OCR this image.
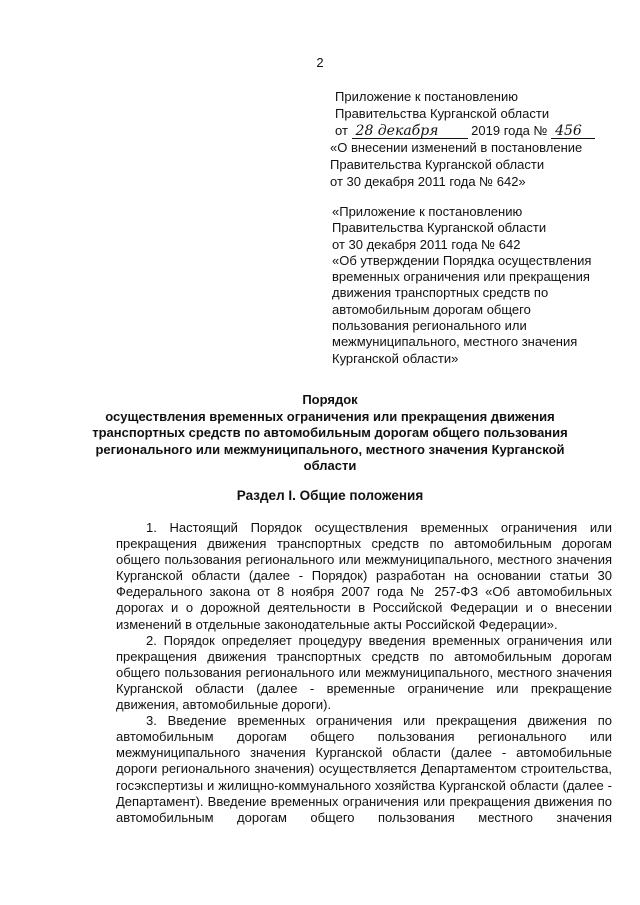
2
Приложение к постановлению
Правительства Курганской области
от 28 декабря	2019 года № 456
«О внесении изменений в постановление
Правительства Курганской области
от 30 декабря 2011 года № 642»
«Приложение к постановлению
Правительства Курганской области
от 30 декабря 2011 года № 642
«Об утверждении Порядка осуществления
временных ограничения или прекращения
движения транспортных средств по
автомобильным дорогам общего
пользования регионального или
межмуниципального, местного значения
Курганской области»
Порядок
осуществления временных ограничения или прекращения движения
транспортных средств по автомобильным дорогам общего пользования
регионального или межмуниципального, местного значения Курганской
области
Раздел I. Общие положения

1. Настоящий Порядок осуществления временных ограничения или прекращения движения транспортных средств по автомобильным дорогам общего пользования регионального или межмуниципального, местного значения Курганской области (далее - Порядок) разработан на основании статьи 30 Федерального закона от 8 ноября 2007 года № 257-ФЗ «Об автомобильных дорогах и о дорожной деятельности в Российской Федерации и о внесении изменений в отдельные законодательные акты Российской Федерации».

2. Порядок определяет процедуру введения временных ограничения или прекращения движения транспортных средств по автомобильным дорогам общего пользования регионального или межмуниципального, местного значения Курганской области (далее - временные ограничение или прекращение движения, автомобильные дороги).

3. Введение временных ограничения или прекращения движения по автомобильным дорогам общего пользования регионального или межмуниципального значения Курганской области (далее - автомобильные дороги регионального значения) осуществляется Департаментом строительства, госэкспертизы и жилищно-коммунального хозяйства Курганской области (далее - Департамент). Введение временных ограничения или прекращения движения по автомобильным дорогам общего пользования местного значения
